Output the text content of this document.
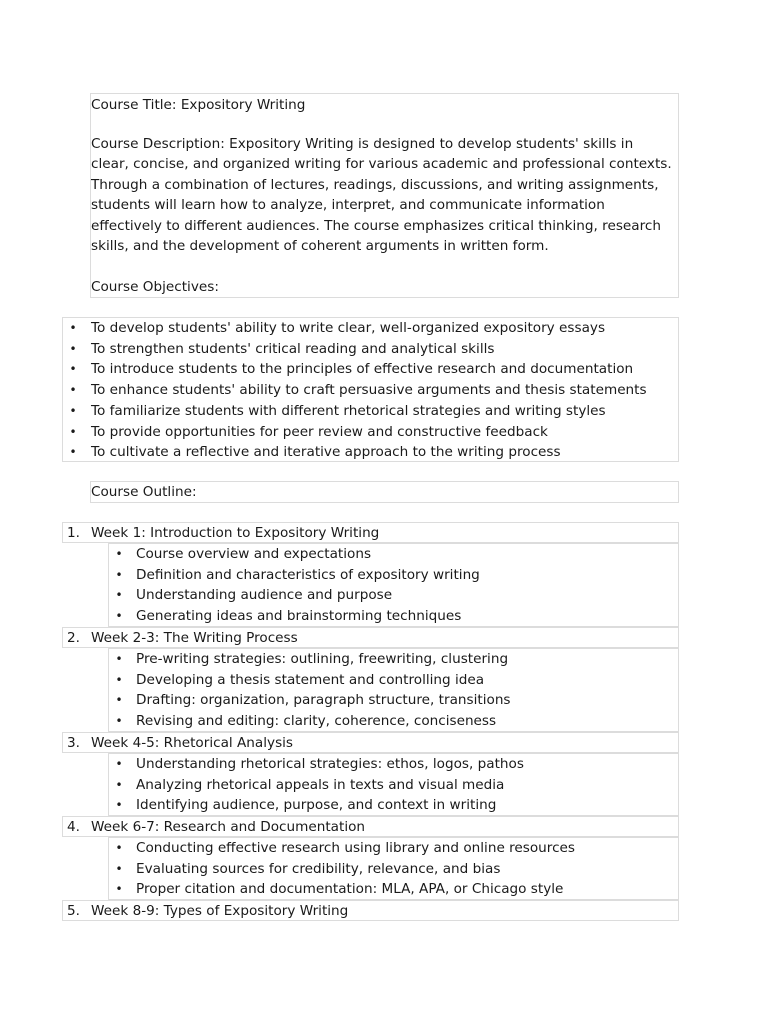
Course Title: Expository Writing
Course Description: Expository Writing is designed to develop students' skills in clear, concise, and organized writing for various academic and professional contexts. Through a combination of lectures, readings, discussions, and writing assignments, students will learn how to analyze, interpret, and communicate information effectively to different audiences. The course emphasizes critical thinking, research skills, and the development of coherent arguments in written form.
Course Objectives:
• To develop students' ability to write clear, well-organized expository essays
• To strengthen students' critical reading and analytical skills
• To introduce students to the principles of effective research and documentation
• To enhance students' ability to craft persuasive arguments and thesis statements
• To familiarize students with different rhetorical strategies and writing styles
• To provide opportunities for peer review and constructive feedback
• To cultivate a reflective and iterative approach to the writing process
Course Outline:
1. Week 1: Introduction to Expository Writing
• Course overview and expectations
• Definition and characteristics of expository writing
• Understanding audience and purpose
• Generating ideas and brainstorming techniques
2. Week 2-3: The Writing Process
• Pre-writing strategies: outlining, freewriting, clustering
• Developing a thesis statement and controlling idea
• Drafting: organization, paragraph structure, transitions
• Revising and editing: clarity, coherence, conciseness
3. Week 4-5: Rhetorical Analysis
• Understanding rhetorical strategies: ethos, logos, pathos
• Analyzing rhetorical appeals in texts and visual media
• Identifying audience, purpose, and context in writing
4. Week 6-7: Research and Documentation
• Conducting effective research using library and online resources
• Evaluating sources for credibility, relevance, and bias
• Proper citation and documentation: MLA, APA, or Chicago style
5. Week 8-9: Types of Expository Writing
